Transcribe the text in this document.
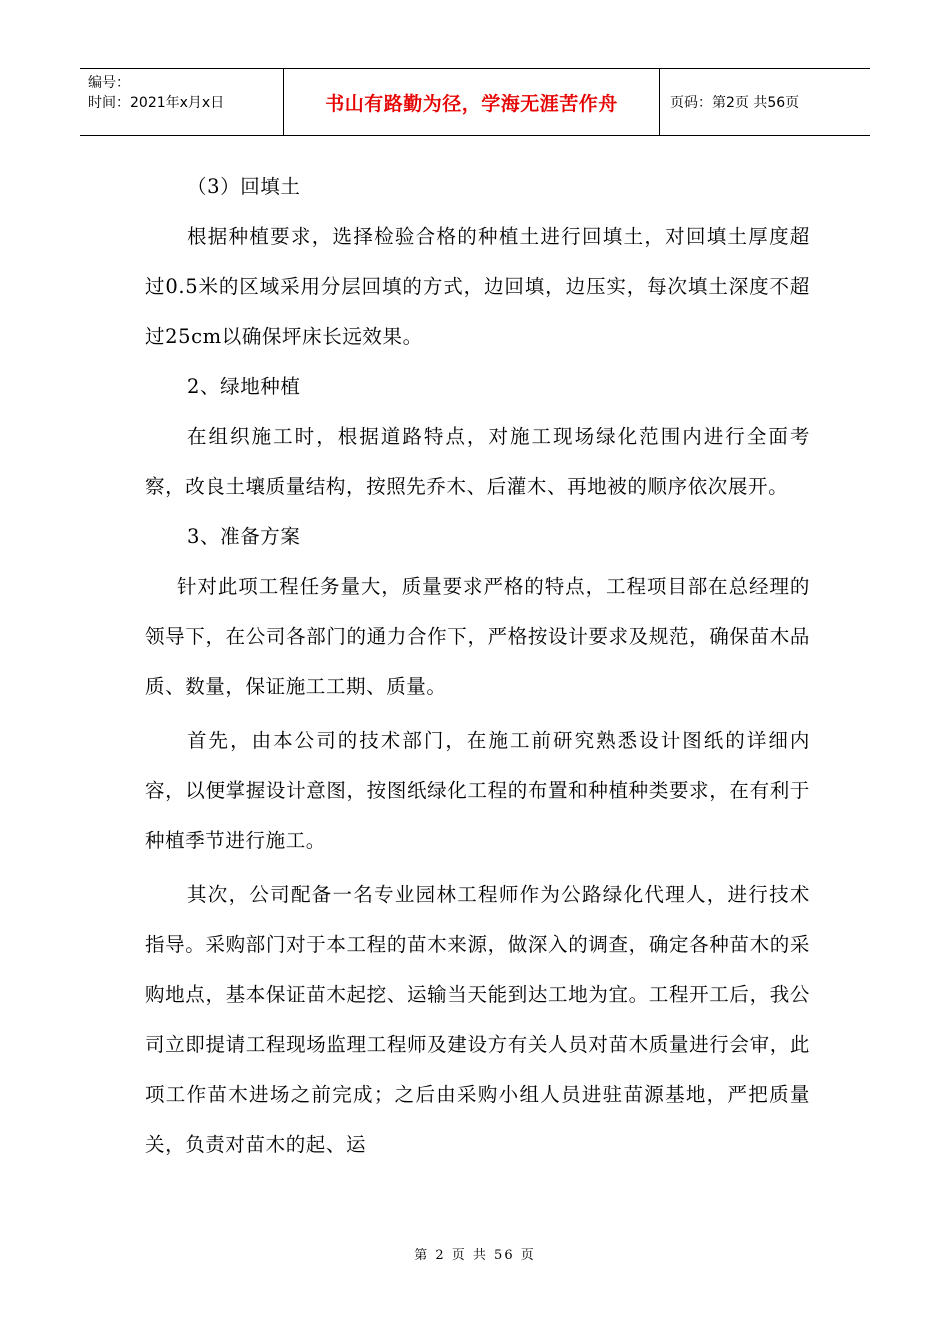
编号：
时间：2021年x月x日	书山有路勤为径，学海无涯苦作舟	页码：第2页 共56页

（3）回填土

根据种植要求，选择检验合格的种植土进行回填土，对回填土厚度超过0.5米的区域采用分层回填的方式，边回填，边压实，每次填土深度不超过25cm以确保坪床长远效果。

2、绿地种植

在组织施工时，根据道路特点，对施工现场绿化范围内进行全面考察，改良土壤质量结构，按照先乔木、后灌木、再地被的顺序依次展开。

3、准备方案

针对此项工程任务量大，质量要求严格的特点，工程项目部在总经理的领导下，在公司各部门的通力合作下，严格按设计要求及规范，确保苗木品质、数量，保证施工工期、质量。

首先，由本公司的技术部门，在施工前研究熟悉设计图纸的详细内容，以便掌握设计意图，按图纸绿化工程的布置和种植种类要求，在有利于种植季节进行施工。

其次，公司配备一名专业园林工程师作为公路绿化代理人，进行技术指导。采购部门对于本工程的苗木来源，做深入的调查，确定各种苗木的采购地点，基本保证苗木起挖、运输当天能到达工地为宜。工程开工后，我公司立即提请工程现场监理工程师及建设方有关人员对苗木质量进行会审，此项工作苗木进场之前完成；之后由采购小组人员进驻苗源基地，严把质量关，负责对苗木的起、运

第 2 页 共 56 页
